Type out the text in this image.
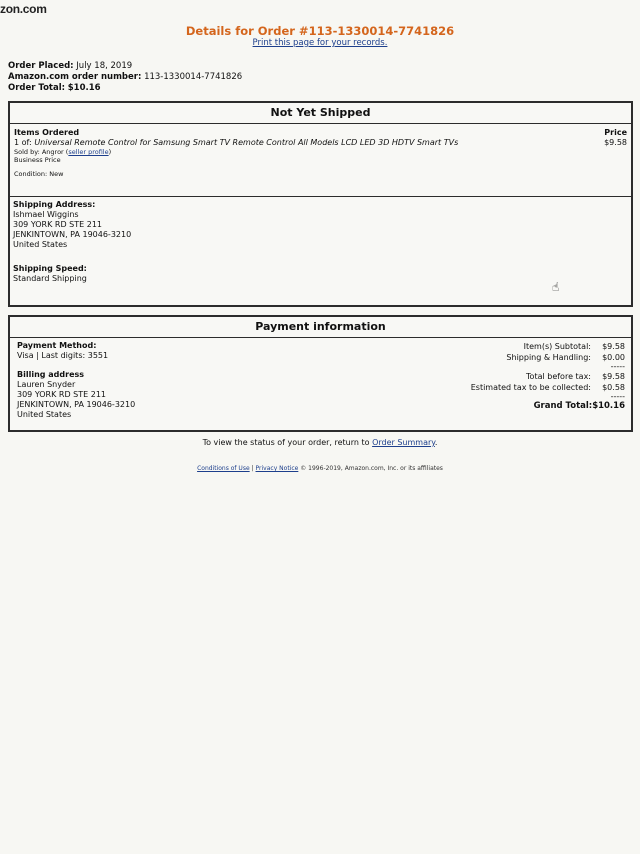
zon.com
Details for Order #113-1330014-7741826
Print this page for your records.
Order Placed: July 18, 2019
Amazon.com order number: 113-1330014-7741826
Order Total: $10.16
Not Yet Shipped
Items Ordered
1 of: Universal Remote Control for Samsung Smart TV Remote Control All Models LCD LED 3D HDTV Smart TVs
Sold by: Angror (seller profile)
Business Price
Condition: New
Price
$9.58
Shipping Address:
Ishmael Wiggins
309 YORK RD STE 211
JENKINTOWN, PA 19046-3210
United States
Shipping Speed:
Standard Shipping
☝
Payment information
Payment Method:
Visa | Last digits: 3551
Billing address
Lauren Snyder
309 YORK RD STE 211
JENKINTOWN, PA 19046-3210
United States
Item(s) Subtotal:	$9.58
Shipping & Handling:	$0.00
-----
Total before tax:	$9.58
Estimated tax to be collected:	$0.58
-----
Grand Total: $10.16
To view the status of your order, return to Order Summary.
Conditions of Use | Privacy Notice © 1996-2019, Amazon.com, Inc. or its affiliates
